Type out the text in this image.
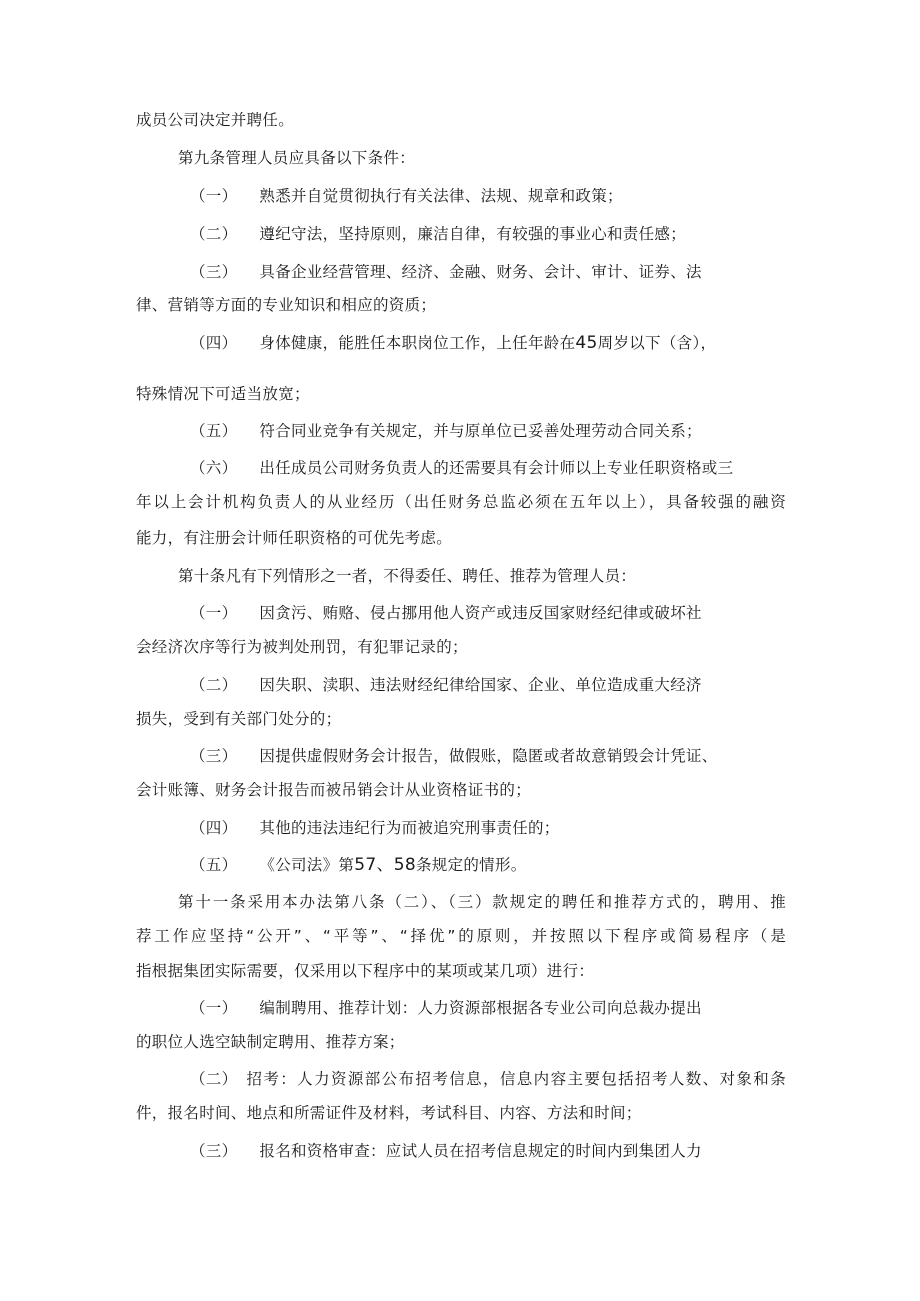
成员公司决定并聘任。
第九条管理人员应具备以下条件：
（一） 熟悉并自觉贯彻执行有关法律、法规、规章和政策；
（二） 遵纪守法，坚持原则，廉洁自律，有较强的事业心和责任感；
（三） 具备企业经营管理、经济、金融、财务、会计、审计、证券、法
律、营销等方面的专业知识和相应的资质；
（四） 身体健康，能胜任本职岗位工作，上任年龄在45周岁以下（含），
特殊情况下可适当放宽；
（五） 符合同业竞争有关规定，并与原单位已妥善处理劳动合同关系；
（六） 出任成员公司财务负责人的还需要具有会计师以上专业任职资格或三
年以上会计机构负责人的从业经历（出任财务总监必须在五年以上），具备较强的融资
能力，有注册会计师任职资格的可优先考虑。
第十条凡有下列情形之一者，不得委任、聘任、推荐为管理人员：
（一） 因贪污、贿赂、侵占挪用他人资产或违反国家财经纪律或破坏社
会经济次序等行为被判处刑罚，有犯罪记录的；
（二） 因失职、渎职、违法财经纪律给国家、企业、单位造成重大经济
损失，受到有关部门处分的；
（三） 因提供虚假财务会计报告，做假账，隐匿或者故意销毁会计凭证、
会计账簿、财务会计报告而被吊销会计从业资格证书的；
（四） 其他的违法违纪行为而被追究刑事责任的；
（五） 《公司法》第57、58条规定的情形。
第十一条采用本办法第八条（二）、（三）款规定的聘任和推荐方式的，聘用、推
荐工作应坚持“公开”、“平等”、“择优”的原则，并按照以下程序或简易程序（是
指根据集团实际需要，仅采用以下程序中的某项或某几项）进行：
（一） 编制聘用、推荐计划：人力资源部根据各专业公司向总裁办提出
的职位人选空缺制定聘用、推荐方案；
（二） 招考：人力资源部公布招考信息，信息内容主要包括招考人数、对象和条
件，报名时间、地点和所需证件及材料，考试科目、内容、方法和时间；
（三） 报名和资格审查：应试人员在招考信息规定的时间内到集团人力
